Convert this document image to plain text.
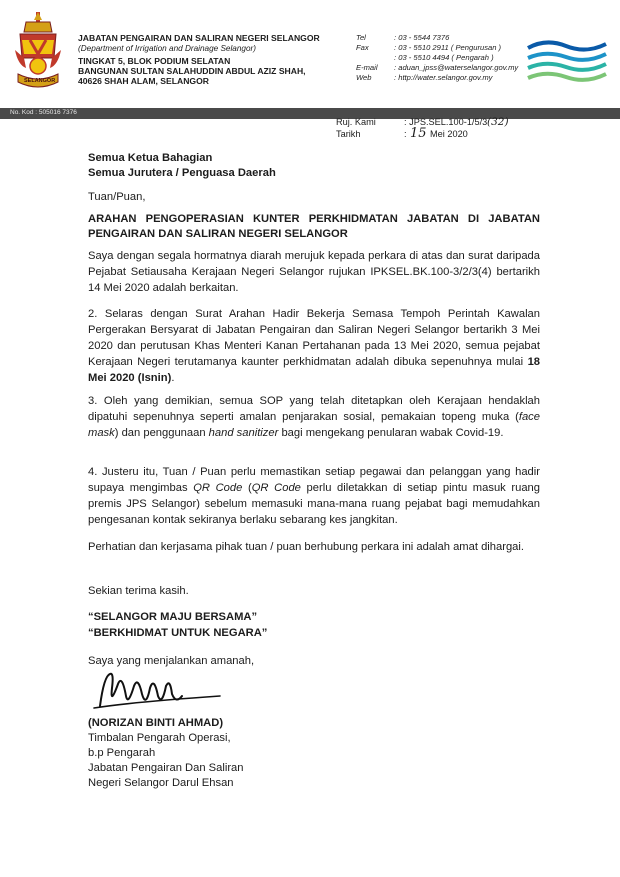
SELANGOR
JABATAN PENGAIRAN DAN SALIRAN NEGERI SELANGOR
(Department of Irrigation and Drainage Selangor)
TINGKAT 5, BLOK PODIUM SELATAN
BANGUNAN SULTAN SALAHUDDIN ABDUL AZIZ SHAH,
40626 SHAH ALAM, SELANGOR
Tel	: 03 - 5544 7376
Fax	: 03 - 5510 2911 ( Pengurusan )
: 03 - 5510 4494 ( Pengarah )
E-mail : aduan_jpss@waterselangor.gov.my
Web	: http://water.selangor.gov.my
No. Kod : 505016 7376
Ruj. Kami	: JPS.SEL.100-1/5/3 (32)
Tarikh	: 15 Mei 2020
Semua Ketua Bahagian
Semua Jurutera / Penguasa Daerah
Tuan/Puan,
ARAHAN PENGOPERASIAN KUNTER PERKHIDMATAN JABATAN DI JABATAN PENGAIRAN DAN SALIRAN NEGERI SELANGOR
Saya dengan segala hormatnya diarah merujuk kepada perkara di atas dan surat daripada Pejabat Setiausaha Kerajaan Negeri Selangor rujukan IPKSEL.BK.100-3/2/3(4) bertarikh 14 Mei 2020 adalah berkaitan.
2. Selaras dengan Surat Arahan Hadir Bekerja Semasa Tempoh Perintah Kawalan Pergerakan Bersyarat di Jabatan Pengairan dan Saliran Negeri Selangor bertarikh 3 Mei 2020 dan perutusan Khas Menteri Kanan Pertahanan pada 13 Mei 2020, semua pejabat Kerajaan Negeri terutamanya kaunter perkhidmatan adalah dibuka sepenuhnya mulai 18 Mei 2020 (Isnin).
3. Oleh yang demikian, semua SOP yang telah ditetapkan oleh Kerajaan hendaklah dipatuhi sepenuhnya seperti amalan penjarakan sosial, pemakaian topeng muka (face mask) dan penggunaan hand sanitizer bagi mengekang penularan wabak Covid-19.
4. Justeru itu, Tuan / Puan perlu memastikan setiap pegawai dan pelanggan yang hadir supaya mengimbas QR Code (QR Code perlu diletakkan di setiap pintu masuk ruang premis JPS Selangor) sebelum memasuki mana-mana ruang pejabat bagi memudahkan pengesanan kontak sekiranya berlaku sebarang kes jangkitan.
Perhatian dan kerjasama pihak tuan / puan berhubung perkara ini adalah amat dihargai.
Sekian terima kasih.
“SELANGOR MAJU BERSAMA”
“BERKHIDMAT UNTUK NEGARA”
Saya yang menjalankan amanah,
(NORIZAN BINTI AHMAD)
Timbalan Pengarah Operasi,
b.p Pengarah
Jabatan Pengairan Dan Saliran
Negeri Selangor Darul Ehsan
